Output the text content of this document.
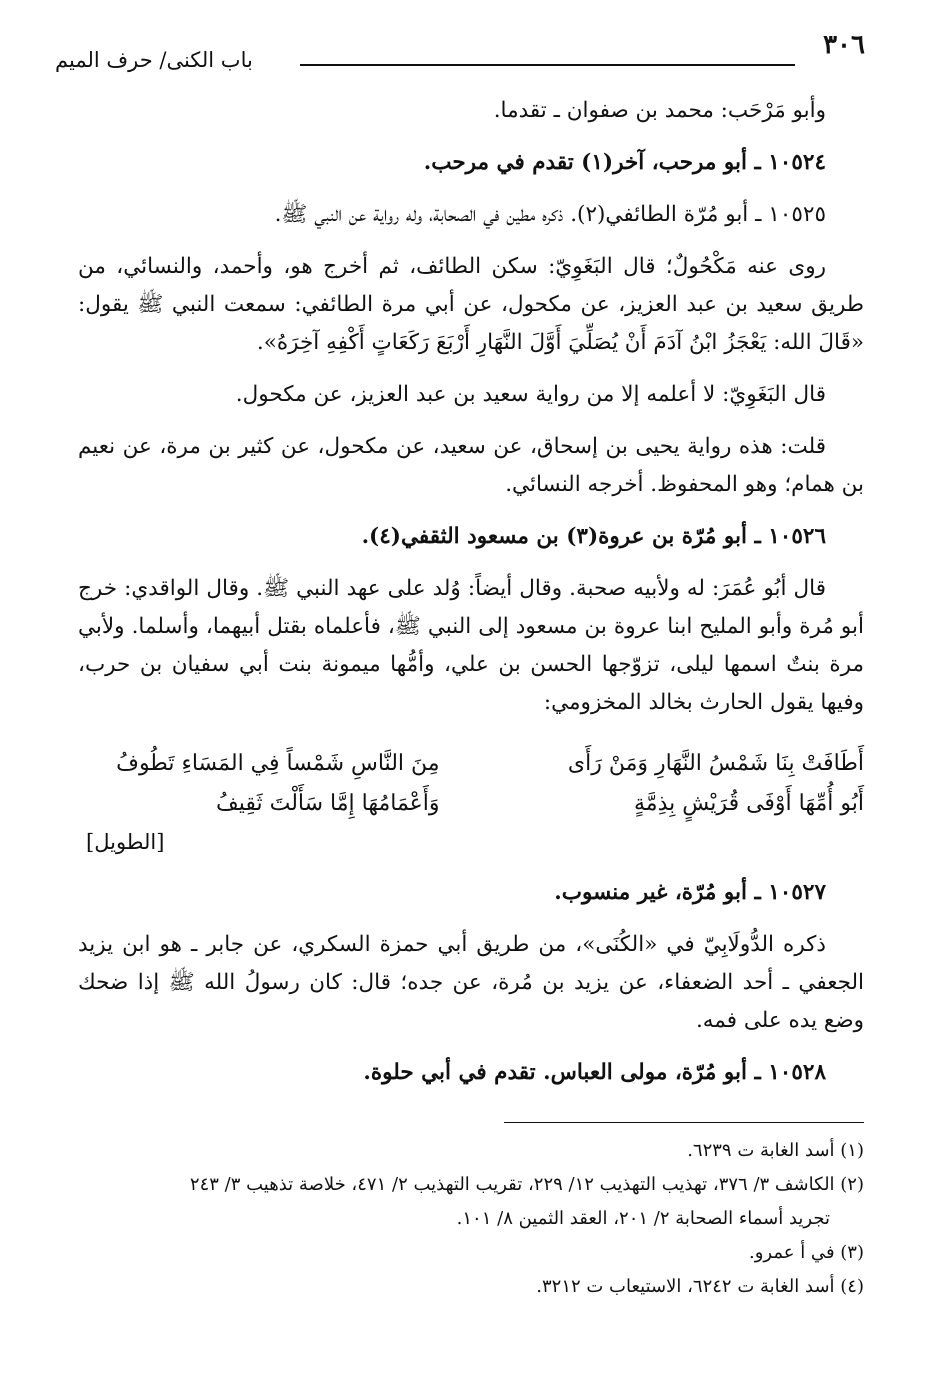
٣٠٦
باب الكنى/ حرف الميم

وأبو مَرْحَب: محمد بن صفوان ـ تقدما.

١٠٥٢٤ ـ أبو مرحب، آخر(١) تقدم في مرحب.

١٠٥٢٥ ـ أبو مُرّة الطائفي(٢). ذكره مطين في الصحابة، وله رواية عن النبي ﷺ.

روى عنه مَكْحُولٌ؛ قال البَغَوِيّ: سكن الطائف، ثم أخرج هو، وأحمد، والنسائي، من طريق سعيد بن عبد العزيز، عن مكحول، عن أبي مرة الطائفي: سمعت النبي ﷺ يقول: «قَالَ الله: يَعْجَزُ ابْنُ آدَمَ أَنْ يُصَلِّيَ أَوَّلَ النَّهَارِ أَرْبَعَ رَكَعَاتٍ أَكْفِهِ آخِرَهُ».

قال البَغَوِيّ: لا أعلمه إلا من رواية سعيد بن عبد العزيز، عن مكحول.

قلت: هذه رواية يحيى بن إسحاق، عن سعيد، عن مكحول، عن كثير بن مرة، عن نعيم بن همام؛ وهو المحفوظ. أخرجه النسائي.

١٠٥٢٦ ـ أبو مُرّة بن عروة(٣) بن مسعود الثقفي(٤).

قال أبُو عُمَرَ: له ولأبيه صحبة. وقال أيضاً: وُلد على عهد النبي ﷺ. وقال الواقدي: خرج أبو مُرة وأبو المليح ابنا عروة بن مسعود إلى النبي ﷺ، فأعلماه بقتل أبيهما، وأسلما. ولأبي مرة بنتٌ اسمها ليلى، تزوّجها الحسن بن علي، وأمُّها ميمونة بنت أبي سفيان بن حرب، وفيها يقول الحارث بخالد المخزومي:

أَطَافَتْ بِنَا شَمْسُ النَّهَارِ وَمَنْ رَأَى
مِنَ النَّاسِ شَمْساً فِي المَسَاءِ تَطُوفُ
أَبُو أُمِّهَا أَوْفَى قُرَيْشٍ بِذِمَّةٍ
وَأَعْمَامُهَا إِمَّا سَأَلْتَ ثَقِيفُ
[الطويل]

١٠٥٢٧ ـ أبو مُرّة، غير منسوب.

ذكره الدُّولَابِيّ في «الكُنَى»، من طريق أبي حمزة السكري، عن جابر ـ هو ابن يزيد الجعفي ـ أحد الضعفاء، عن يزيد بن مُرة، عن جده؛ قال: كان رسولُ الله ﷺ إذا ضحك وضع يده على فمه.

١٠٥٢٨ ـ أبو مُرّة، مولى العباس. تقدم في أبي حلوة.

(١) أسد الغابة ت ٦٢٣٩.

(٢) الكاشف ٣/ ٣٧٦، تهذيب التهذيب ١٢/ ٢٢٩، تقريب التهذيب ٢/ ٤٧١، خلاصة تذهيب ٣/ ٢٤٣

تجريد أسماء الصحابة ٢/ ٢٠١، العقد الثمين ٨/ ١٠١.

(٣) في أ عمرو.

(٤) أسد الغابة ت ٦٢٤٢، الاستيعاب ت ٣٢١٢.
